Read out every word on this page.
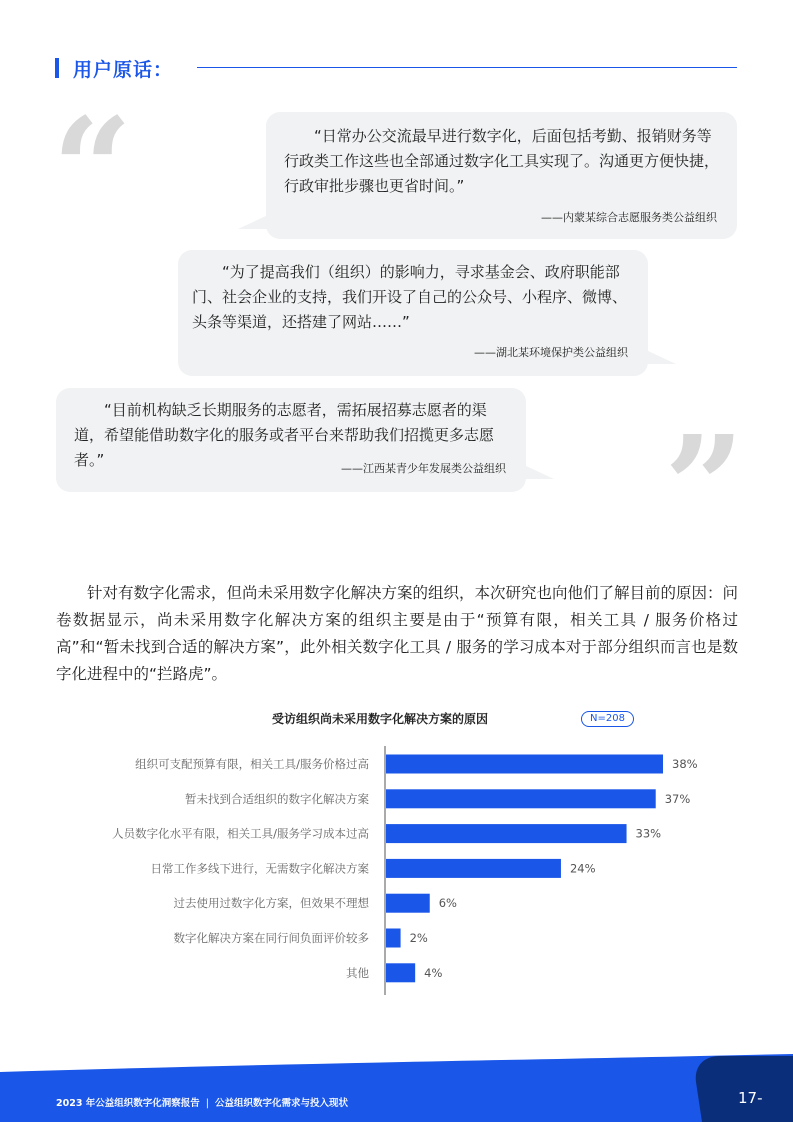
用户原话：
“
”
“日常办公交流最早进行数字化，后面包括考勤、报销财务等行政类工作这些也全部通过数字化工具实现了。沟通更方便快捷，行政审批步骤也更省时间。”
——内蒙某综合志愿服务类公益组织
“为了提高我们（组织）的影响力，寻求基金会、政府职能部门、社会企业的支持，我们开设了自己的公众号、小程序、微博、头条等渠道，还搭建了网站……”
——湖北某环境保护类公益组织
“目前机构缺乏长期服务的志愿者，需拓展招募志愿者的渠道，希望能借助数字化的服务或者平台来帮助我们招揽更多志愿者。”	——江西某青少年发展类公益组织
针对有数字化需求，但尚未采用数字化解决方案的组织，本次研究也向他们了解目前的原因：问卷数据显示，尚未采用数字化解决方案的组织主要是由于“预算有限，相关工具 / 服务价格过高”和“暂未找到合适的解决方案”，此外相关数字化工具 / 服务的学习成本对于部分组织而言也是数字化进程中的“拦路虎”。
受访组织尚未采用数字化解决方案的原因	N=208
组织可支配预算有限，相关工具/服务价格过高	38%
暂未找到合适组织的数字化解决方案	37%
人员数字化水平有限，相关工具/服务学习成本过高	33%
日常工作多线下进行，无需数字化解决方案	24%
过去使用过数字化方案，但效果不理想	6%
数字化解决方案在同行间负面评价较多	2%
其他	4%
2023 年公益组织数字化洞察报告 | 公益组织数字化需求与投入现状	17-
